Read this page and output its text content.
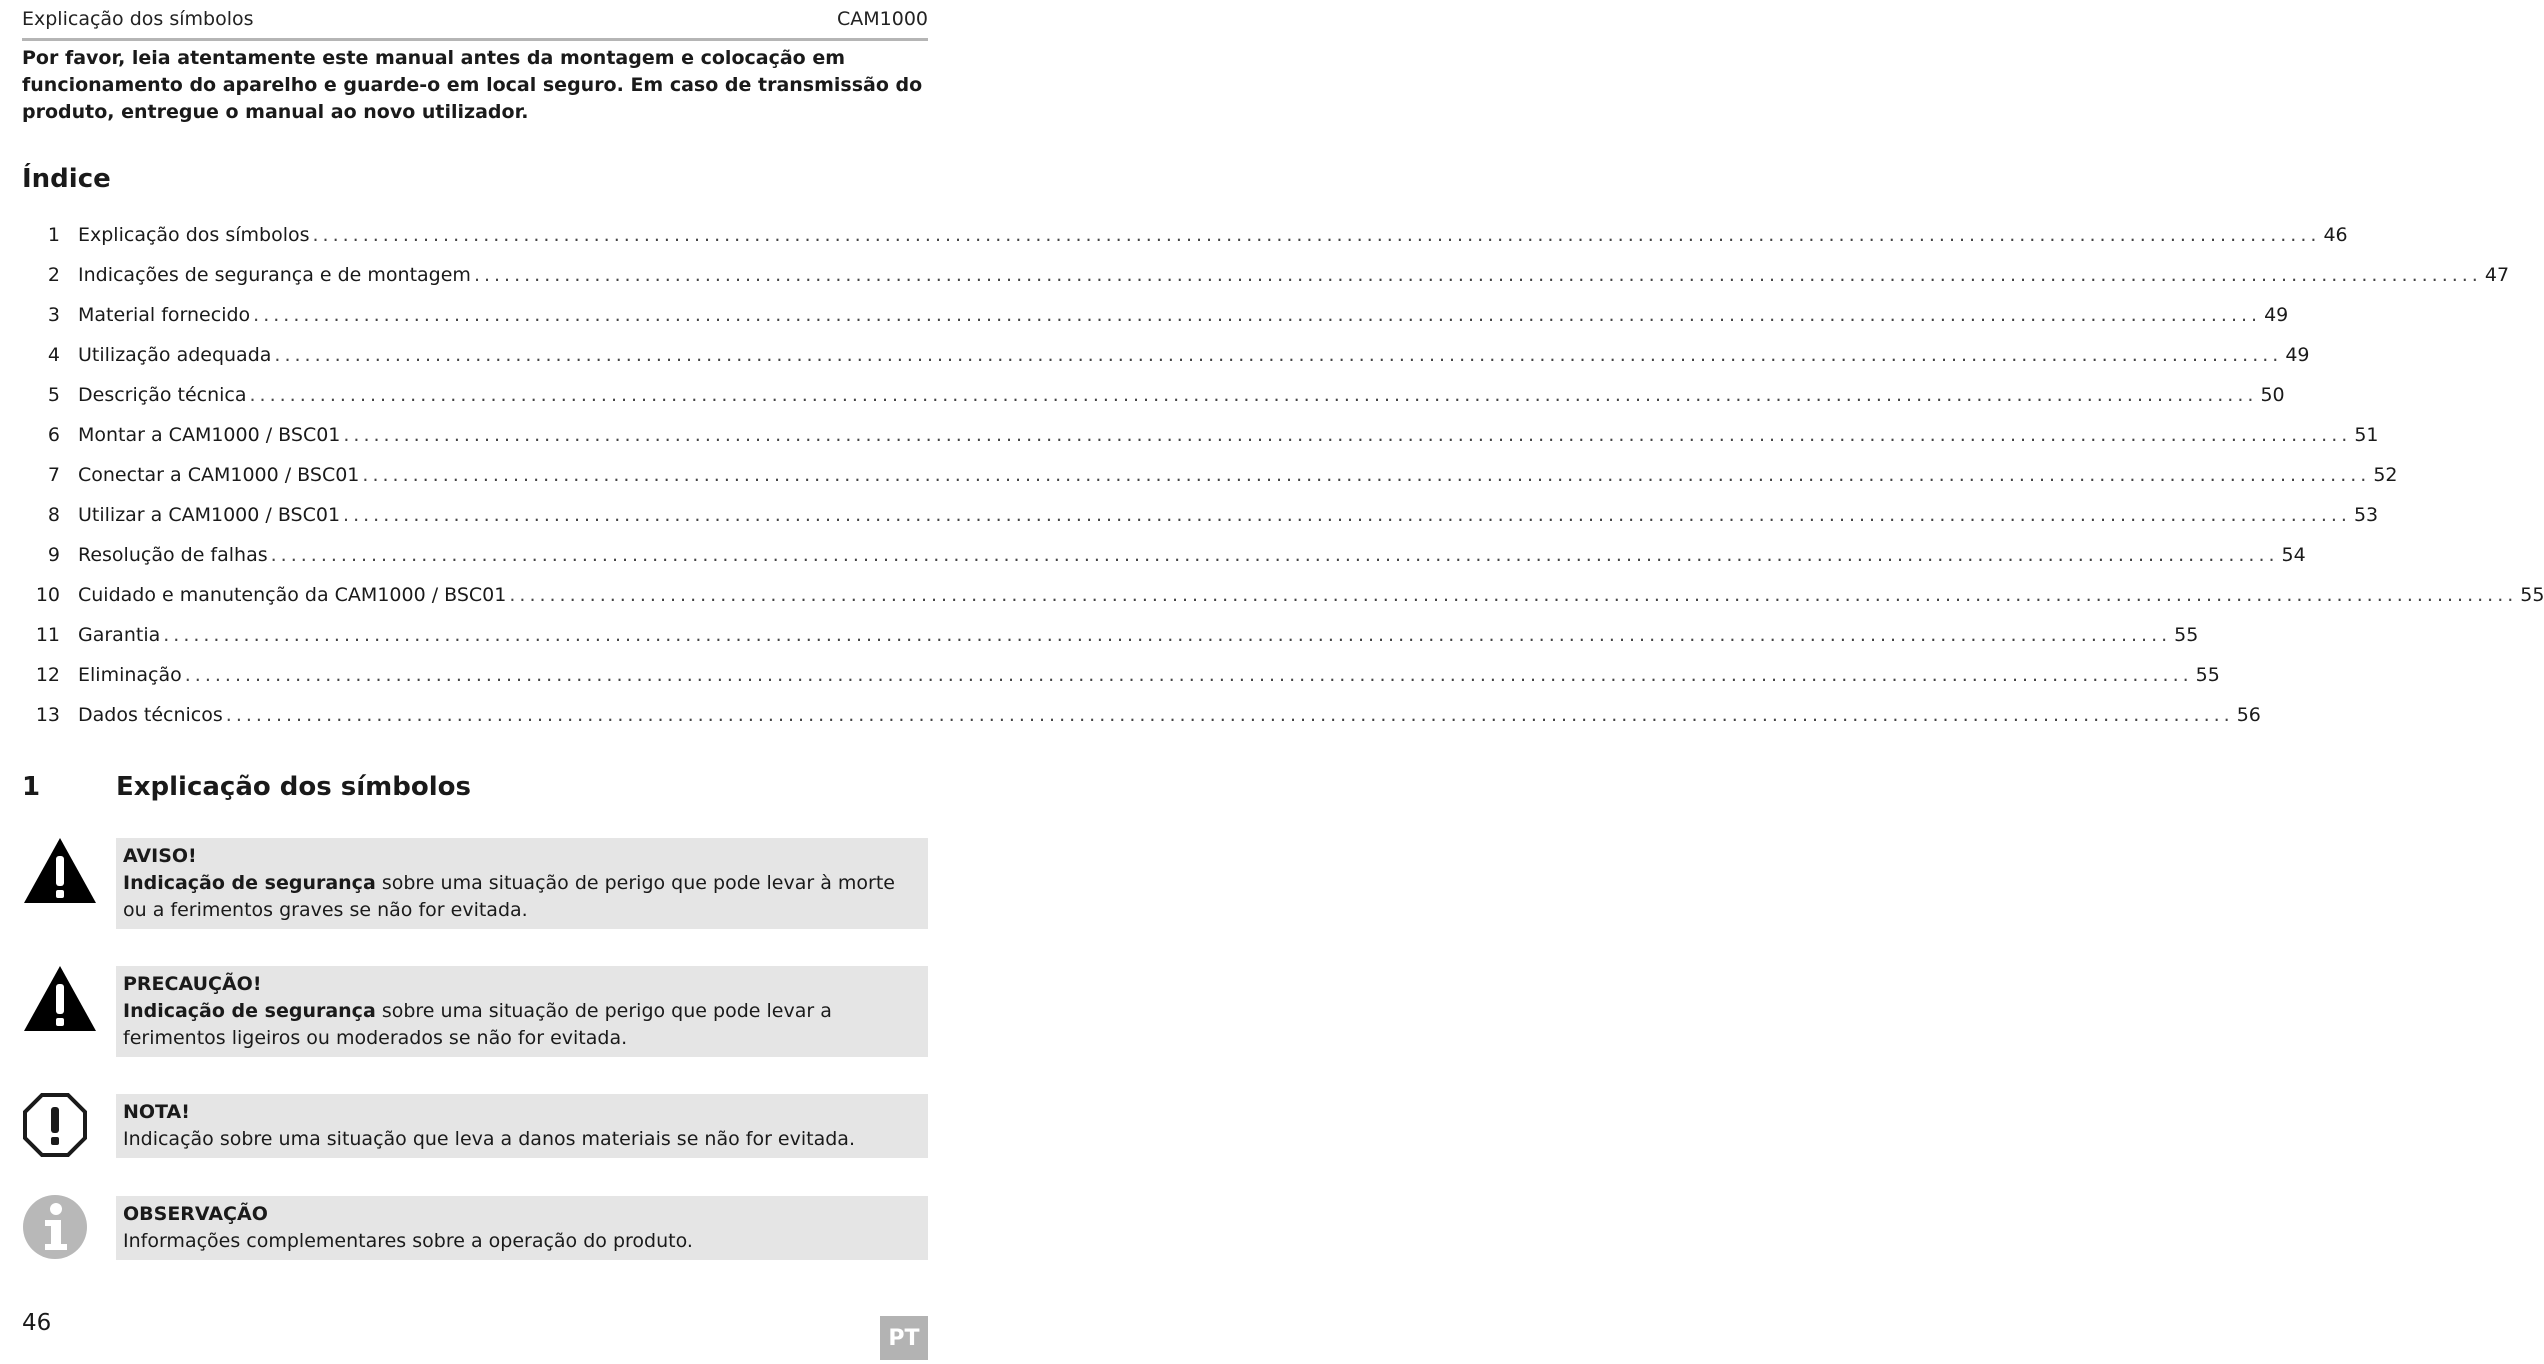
Explicação dos símbolos	CAM1000

Por favor, leia atentamente este manual antes da montagem e colocação em funcionamento do aparelho e guarde-o em local seguro. Em caso de transmissão do produto, entregue o manual ao novo utilizador.

Índice
1 Explicação dos símbolos ........................................................................................................................................................................................................ 46
2 Indicações de segurança e de montagem ........................................................................................................................................................................................................ 47
3 Material fornecido ........................................................................................................................................................................................................ 49
4 Utilização adequada ........................................................................................................................................................................................................ 49
5 Descrição técnica ........................................................................................................................................................................................................ 50
6 Montar a CAM1000 / BSC01 ........................................................................................................................................................................................................ 51
7 Conectar a CAM1000 / BSC01 ........................................................................................................................................................................................................ 52
8 Utilizar a CAM1000 / BSC01 ........................................................................................................................................................................................................ 53
9 Resolução de falhas ........................................................................................................................................................................................................ 54
10 Cuidado e manutenção da CAM1000 / BSC01 ........................................................................................................................................................................................................ 55
11 Garantia ........................................................................................................................................................................................................ 55
12 Eliminação ........................................................................................................................................................................................................ 55
13 Dados técnicos ........................................................................................................................................................................................................ 56
1	Explicação dos símbolos
AVISO!
Indicação de segurança sobre uma situação de perigo que pode levar à morte ou a ferimentos graves se não for evitada.
PRECAUÇÃO!
Indicação de segurança sobre uma situação de perigo que pode levar a ferimentos ligeiros ou moderados se não for evitada.
NOTA!
Indicação sobre uma situação que leva a danos materiais se não for evitada.
OBSERVAÇÃO
Informações complementares sobre a operação do produto.
46
PT
